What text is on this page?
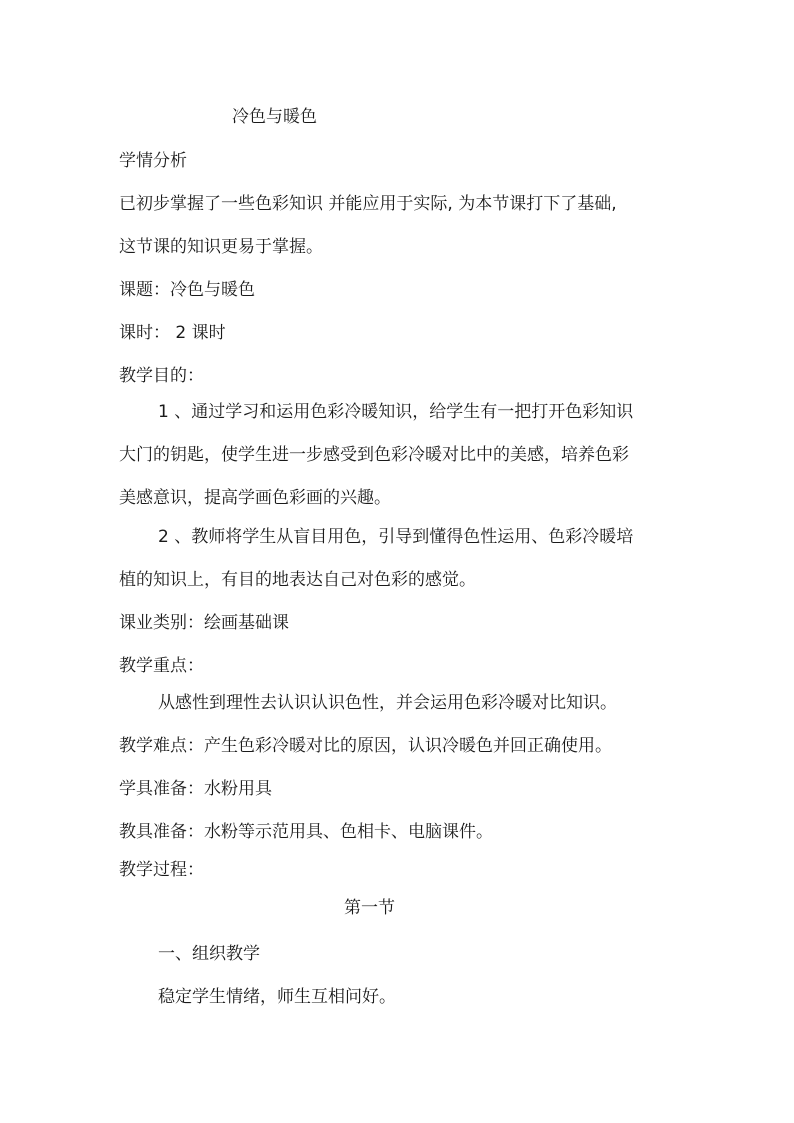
冷色与暖色
学情分析
已初步掌握了一些色彩知识 并能应用于实际, 为本节课打下了基础,
这节课的知识更易于掌握。
课题：冷色与暖色
课时： 2 课时
教学目的：
1 、通过学习和运用色彩冷暖知识，给学生有一把打开色彩知识
大门的钥匙，使学生进一步感受到色彩冷暖对比中的美感，培养色彩
美感意识，提高学画色彩画的兴趣。
2 、教师将学生从盲目用色，引导到懂得色性运用、色彩冷暖培
植的知识上，有目的地表达自己对色彩的感觉。
课业类别：绘画基础课
教学重点：
从感性到理性去认识认识色性，并会运用色彩冷暖对比知识。
教学难点：产生色彩冷暖对比的原因，认识冷暖色并回正确使用。
学具准备：水粉用具
教具准备：水粉等示范用具、色相卡、电脑课件。
教学过程：
第一节
一、组织教学
稳定学生情绪，师生互相问好。
